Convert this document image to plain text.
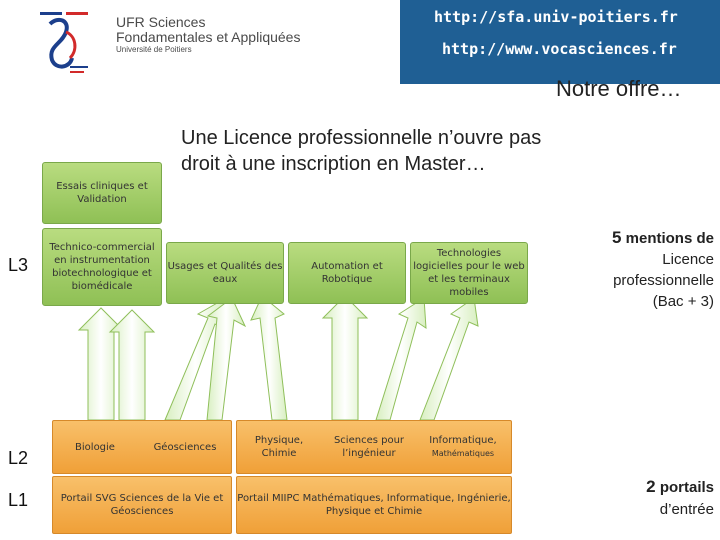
UFR Sciences
Fondamentales et Appliquées
Université de Poitiers
http://sfa.univ-poitiers.fr
http://www.vocasciences.fr
Notre offre…
Une Licence professionnelle n’ouvre pas droit à une inscription en Master…
Essais cliniques et Validation
Technico-commercial en instrumentation biotechnologique et biomédicale
Usages et Qualités des eaux
Automation et Robotique
Technologies logicielles pour le web et les terminaux mobiles
Biologie	Géosciences
Physique, Chimie
Sciences pour l’ingénieur
Informatique,
Mathématiques
Portail SVG Sciences de la Vie et Géosciences
Portail MIIPC Mathématiques, Informatique, Ingénierie, Physique et Chimie
L3
L2
L1
5 mentions de
Licence
professionnelle
(Bac + 3)
2 portails
d’entrée
